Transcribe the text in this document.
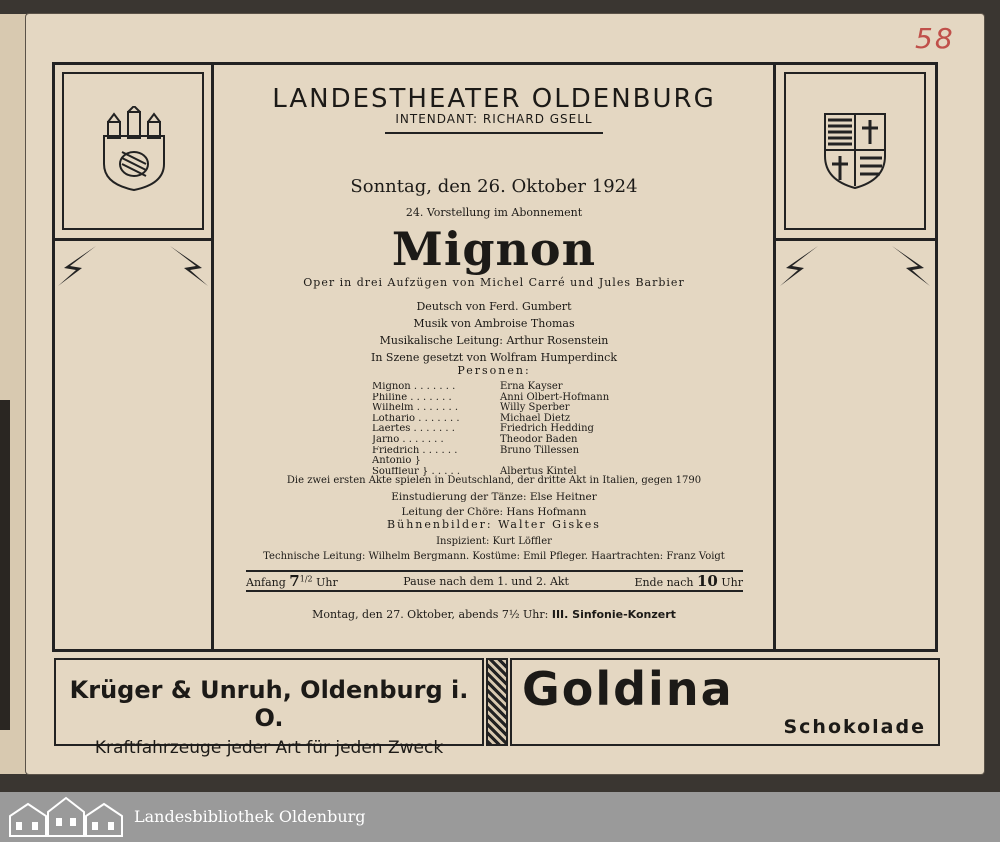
58
LANDESTHEATER OLDENBURG
INTENDANT: RICHARD GSELL
Sonntag, den 26. Oktober 1924
24. Vorstellung im Abonnement
Mignon
Oper in drei Aufzügen von Michel Carré und Jules Barbier
Deutsch von Ferd. Gumbert
Musik von Ambroise Thomas
Musikalische Leitung: Arthur Rosenstein
In Szene gesetzt von Wolfram Humperdinck
Personen:
Mignon . . . . . . .	Erna Kayser
Philine . . . . . . .	Anni Olbert-Hofmann
Wilhelm . . . . . . .	Willy Sperber
Lothario . . . . . . .	Michael Dietz
Laertes . . . . . . .	Friedrich Hedding
Jarno . . . . . . .	Theodor Baden
Friedrich . . . . . .	Bruno Tillessen
Antonio }
Souffleur } . . . . .	Albertus Kintel
Die zwei ersten Akte spielen in Deutschland, der dritte Akt in Italien, gegen 1790
Einstudierung der Tänze: Else Heitner
Leitung der Chöre: Hans Hofmann
Bühnenbilder: Walter Giskes
Inspizient: Kurt Löffler
Technische Leitung: Wilhelm Bergmann. Kostüme: Emil Pfleger. Haartrachten: Franz Voigt
Anfang $7^{1/2}$ Uhr	Pause nach dem 1. und 2. Akt	Ende nach 10 Uhr
Montag, den 27. Oktober, abends 7½ Uhr: III. Sinfonie-Konzert
Krüger & Unruh, Oldenburg i. O.
Kraftfahrzeuge jeder Art für jeden Zweck
Goldina
Schokolade
Landesbibliothek Oldenburg
